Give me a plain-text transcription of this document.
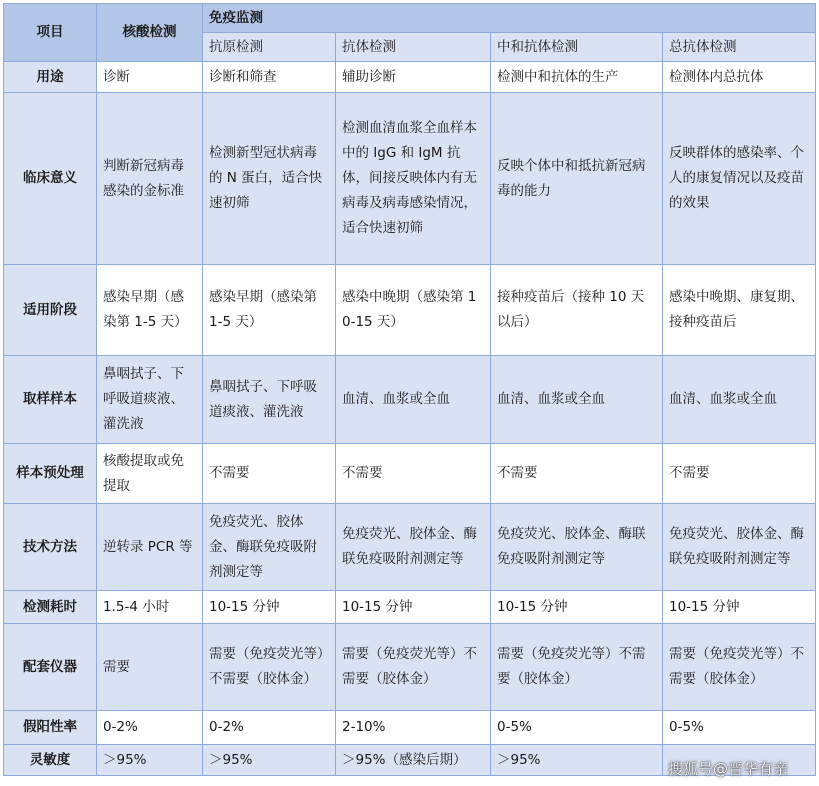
项目	核酸检测	免疫监测			
		抗原检测	抗体检测	中和抗体检测	总抗体检测
用途	诊断	诊断和筛查	辅助诊断	检测中和抗体的生产	检测体内总抗体
临床意义	判断新冠病毒感染的金标准	检测新型冠状病毒的 N 蛋白，适合快速初筛	检测血清血浆全血样本中的 IgG 和 IgM 抗体，间接反映体内有无病毒及病毒感染情况，适合快速初筛	反映个体中和抵抗新冠病毒的能力	反映群体的感染率、个人的康复情况以及疫苗的效果
适用阶段	感染早期（感染第 1-5 天）	感染早期（感染第 1-5 天）	感染中晚期（感染第 10-15 天）	接种疫苗后（接种 10 天以后）	感染中晚期、康复期、接种疫苗后
取样样本	鼻咽拭子、下呼吸道痰液、灌洗液	鼻咽拭子、下呼吸道痰液、灌洗液	血清、血浆或全血	血清、血浆或全血	血清、血浆或全血
样本预处理	核酸提取或免提取	不需要	不需要	不需要	不需要
技术方法	逆转录 PCR 等	免疫荧光、胶体金、酶联免疫吸附剂测定等	免疫荧光、胶体金、酶联免疫吸附剂测定等	免疫荧光、胶体金、酶联免疫吸附剂测定等	免疫荧光、胶体金、酶联免疫吸附剂测定等
检测耗时	1.5-4 小时	10-15 分钟	10-15 分钟	10-15 分钟	10-15 分钟
配套仪器	需要	需要（免疫荧光等）不需要（胶体金）	需要（免疫荧光等）不需要（胶体金）	需要（免疫荧光等）不需要（胶体金）	需要（免疫荧光等）不需要（胶体金）
假阳性率	0-2%	0-2%	2-10%	0-5%	0-5%
灵敏度	＞95%	＞95%	＞95%（感染后期）	＞95%	
搜狐号@晋华有亲
